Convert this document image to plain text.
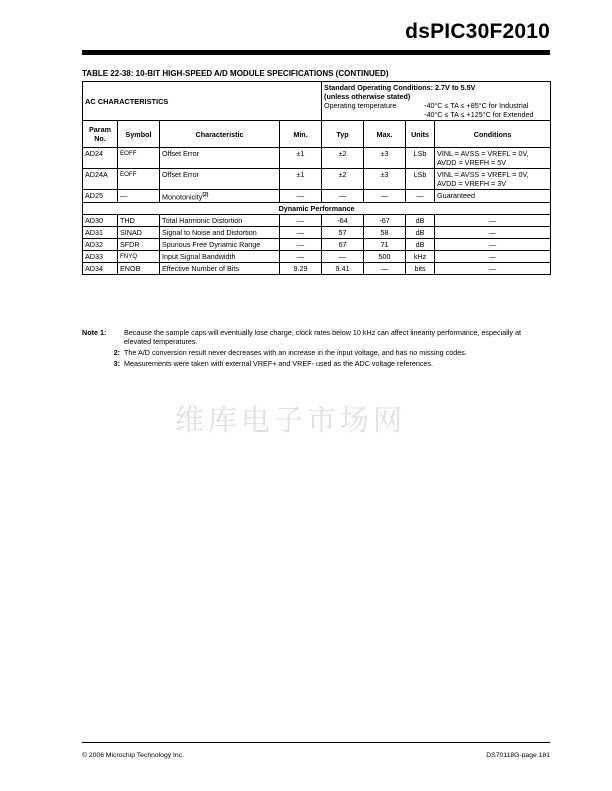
dsPIC30F2010
TABLE 22-38: 10-BIT HIGH-SPEED A/D MODULE SPECIFICATIONS (CONTINUED)
AC CHARACTERISTICS				Standard Operating Conditions: 2.7V to 5.5V
(unless otherwise stated)
Operating temperature -40°C ≤ TA ≤ +85°C for Industrial
-40°C ≤ TA ≤ +125°C for Extended			

Param No.	Symbol	Characteristic	Min.	Typ	Max.	Units	Conditions
AD24	EOFF	Offset Error	±1	±2	±3	LSb	VINL = AVSS = VREFL = 0V,
AVDD = VREFH = 5V

AD24A	EOFF	Offset Error	±1	±2	±3	LSb	VINL = AVSS = VREFL = 0V,
AVDD = VREFH = 3V

AD25	—	Monotonicity$^{(2)}$	—	—	—	—	Guaranteed
Dynamic Performance							
AD30	THD	Total Harmonic Distortion	—	-64	-67	dB	—
AD31	SINAD	Signal to Noise and Distortion	—	57	58	dB	—
AD32	SFDR	Spurious Free Dynamic Range	—	67	71	dB	—
AD33	FNYQ	Input Signal Bandwidth	—	—	500	kHz	—
AD34	ENOB	Effective Number of Bits	9.29	9.41	—	bits	—
Note 1:	Because the sample caps will eventually lose charge, clock rates below 10 kHz can affect linearity performance, especially at elevated temperatures.
2: The A/D conversion result never decreases with an increase in the input voltage, and has no missing codes.
3: Measurements were taken with external VREF+ and VREF- used as the ADC voltage references.
维库电子市场网
© 2006 Microchip Technology Inc.	DS70118G-page 181
